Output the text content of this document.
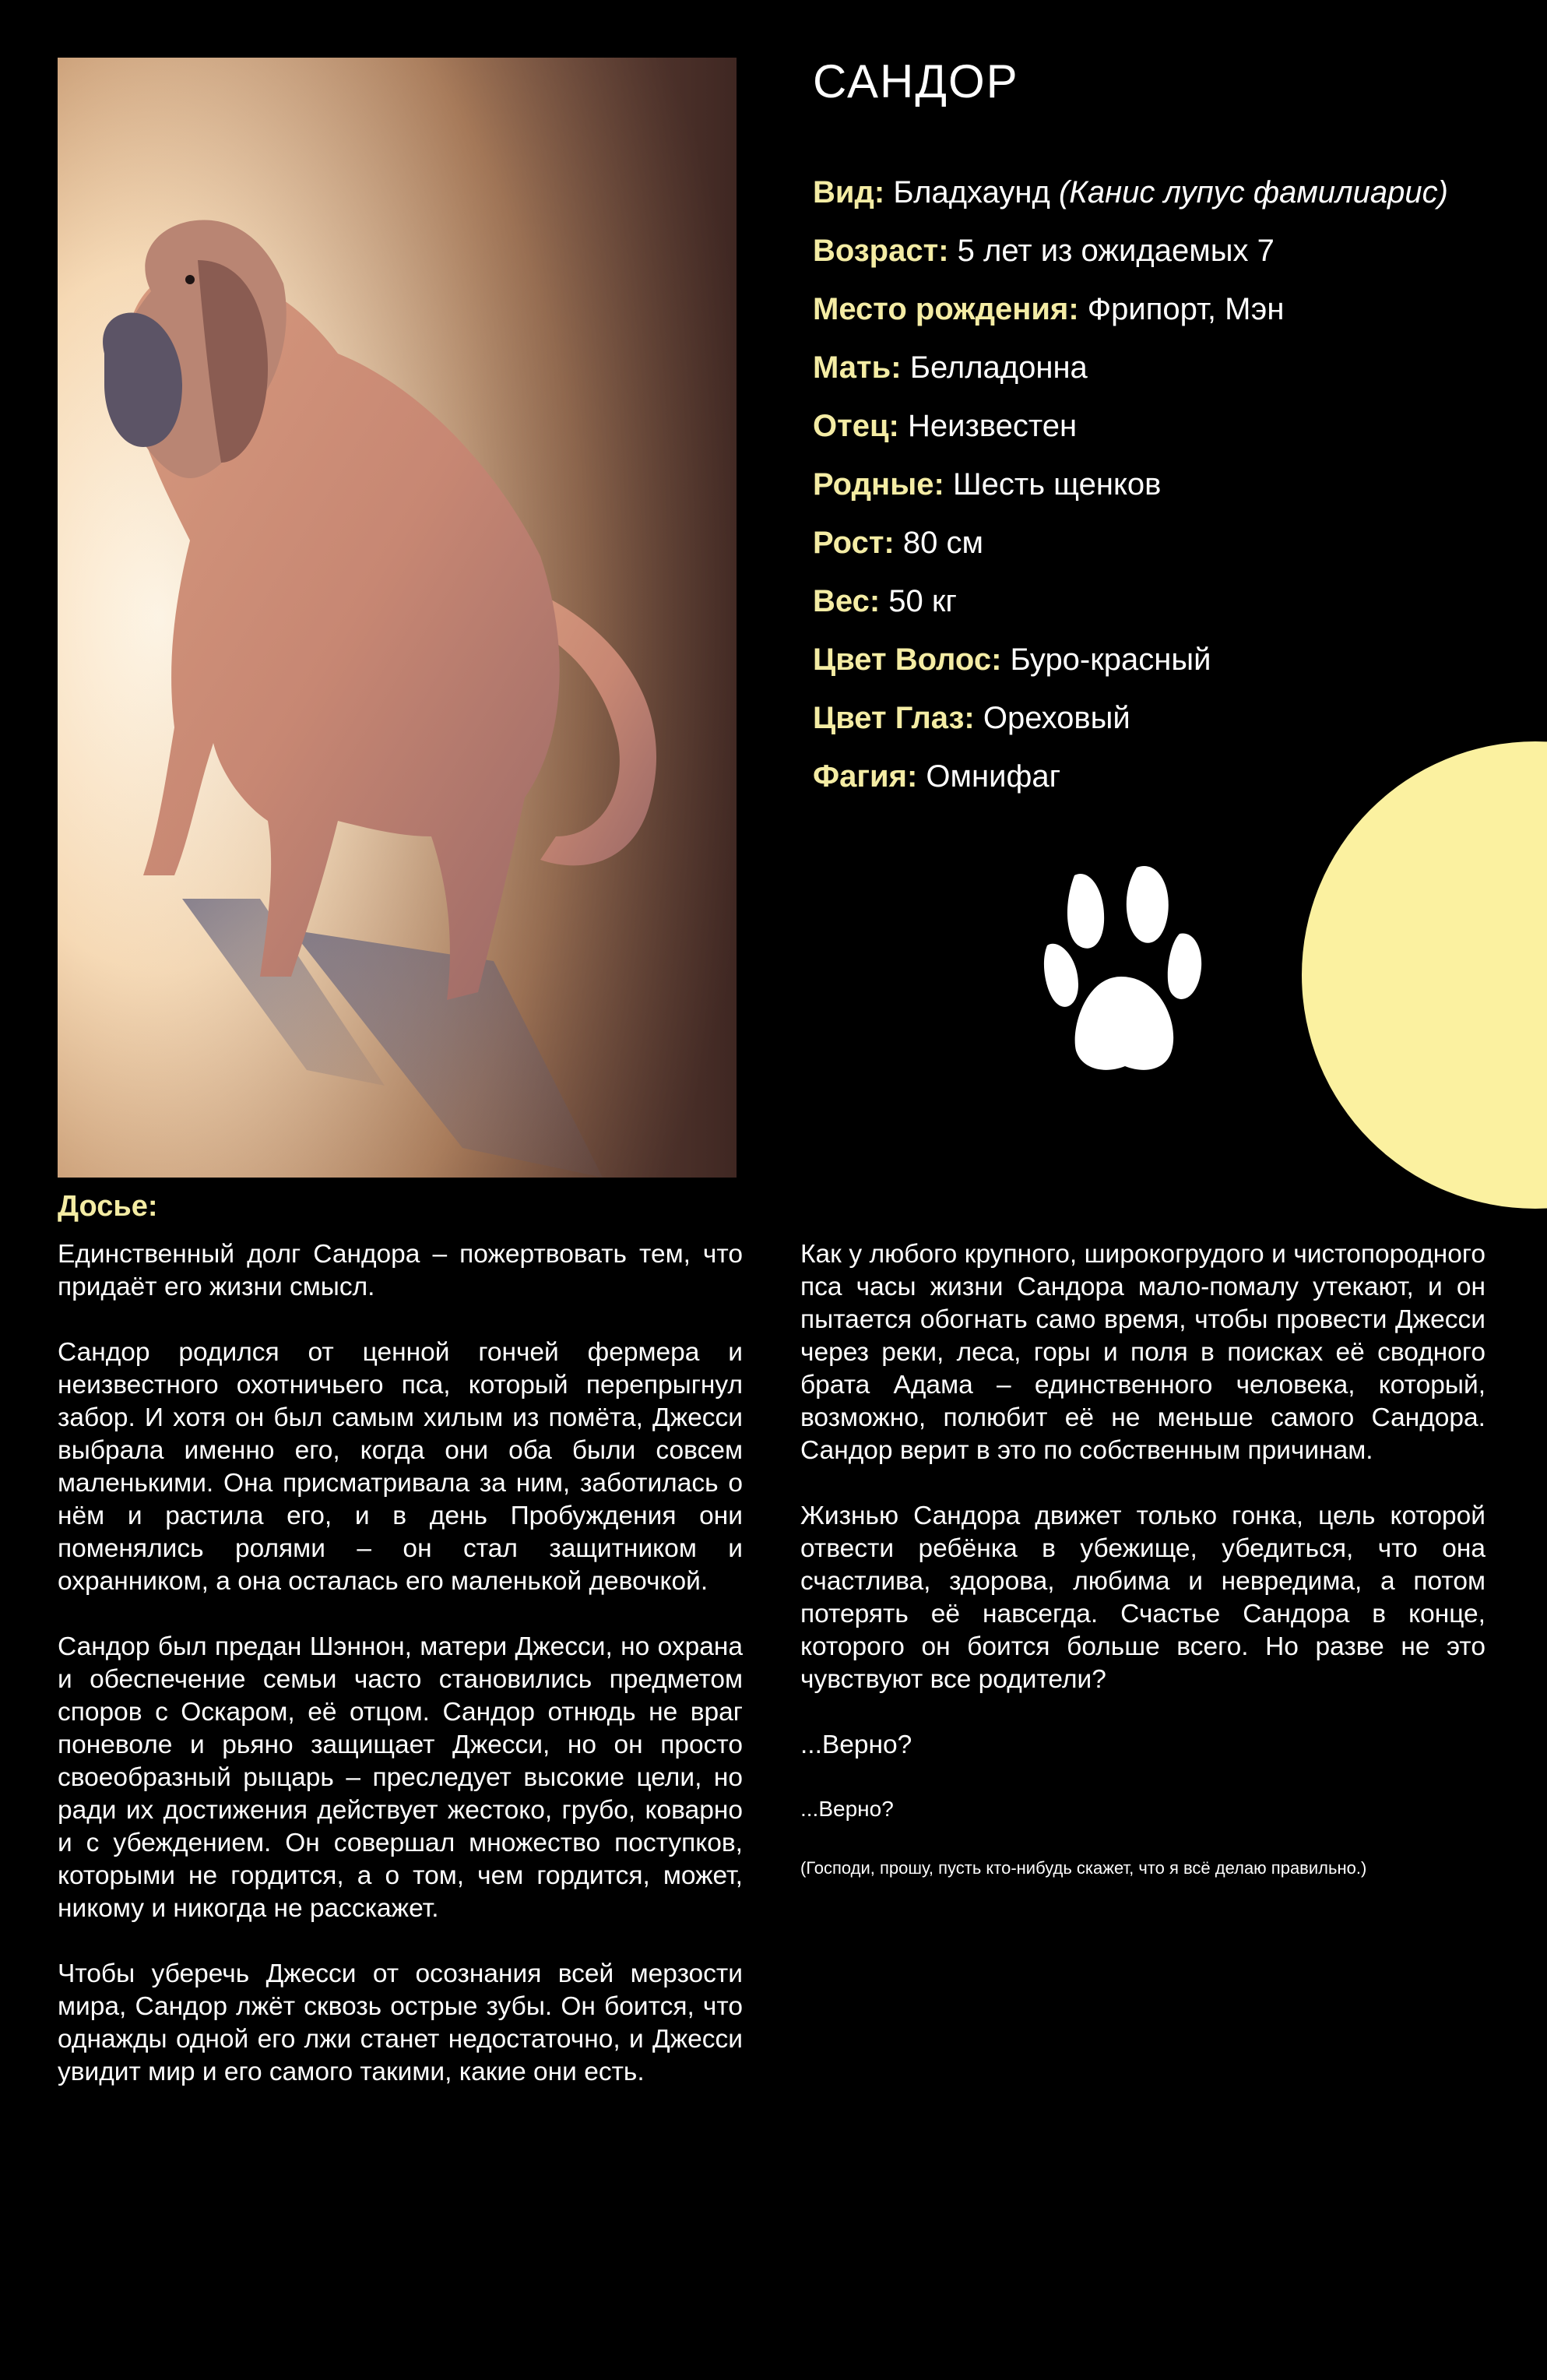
САНДОР
Вид: Бладхаунд (Канис лупус фамилиарис)
Возраст: 5 лет из ожидаемых 7
Место рождения: Фрипорт, Мэн
Мать: Белладонна
Отец: Неизвестен
Родные: Шесть щенков
Рост: 80 см
Вес: 50 кг
Цвет Волос: Буро-красный
Цвет Глаз: Ореховый
Фагия: Омнифаг
Досье:

Единственный долг Сандора – пожертвовать тем, что придаёт его жизни смысл.

Сандор родился от ценной гончей фермера и неизвестного охотничьего пса, который перепрыгнул забор. И хотя он был самым хилым из помёта, Джесси выбрала именно его, когда они оба были совсем маленькими. Она присматривала за ним, заботилась о нём и растила его, и в день Пробуждения они поменялись ролями – он стал защитником и охранником, а она осталась его маленькой девочкой.

Сандор был предан Шэннон, матери Джесси, но охрана и обеспечение семьи часто становились предметом споров с Оскаром, её отцом. Сандор отнюдь не враг поневоле и рьяно защищает Джесси, но он просто своеобразный рыцарь – преследует высокие цели, но ради их достижения действует жестоко, грубо, коварно и с убеждением. Он совершал множество поступков, которыми не гордится, а о том, чем гордится, может, никому и никогда не расскажет.

Чтобы уберечь Джесси от осознания всей мерзости мира, Сандор лжёт сквозь острые зубы. Он боится, что однажды одной его лжи станет недостаточно, и Джесси увидит мир и его самого такими, какие они есть.

Как у любого крупного, широкогрудого и чистопородного пса часы жизни Сандора мало-помалу утекают, и он пытается обогнать само время, чтобы провести Джесси через реки, леса, горы и поля в поисках её сводного брата Адама – единственного человека, который, возможно, полюбит её не меньше самого Сандора. Сандор верит в это по собственным причинам.

Жизнью Сандора движет только гонка, цель которой отвести ребёнка в убежище, убедиться, что она счастлива, здорова, любима и невредима, а потом потерять её навсегда. Счастье Сандора в конце, которого он боится больше всего. Но разве не это чувствуют все родители?

...Верно?

...Верно?

(Господи, прошу, пусть кто-нибудь скажет, что я всё делаю правильно.)
